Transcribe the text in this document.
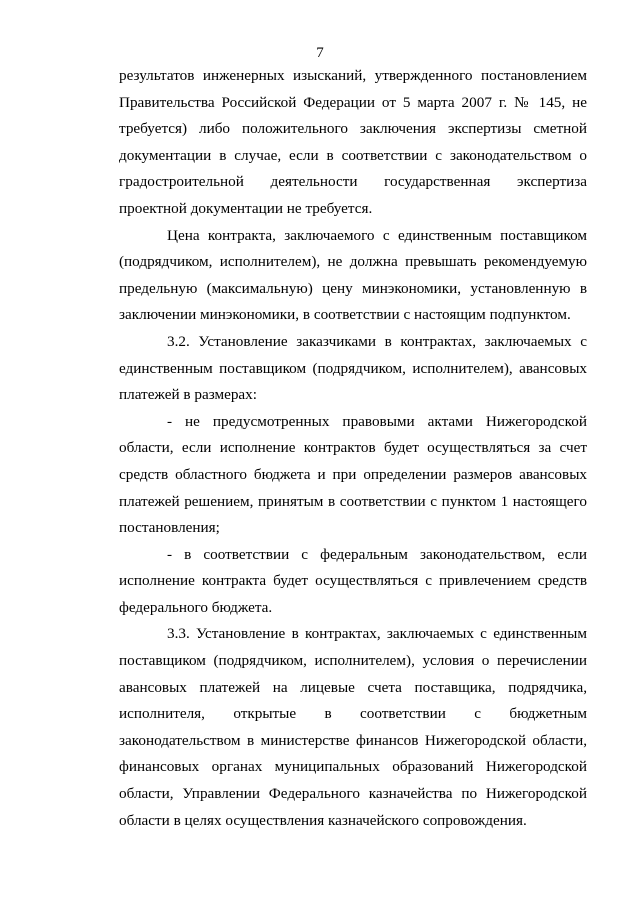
7

результатов инженерных изысканий, утвержденного постановлением Правительства Российской Федерации от 5 марта 2007 г. № 145, не требуется) либо положительного заключения экспертизы сметной документации в случае, если в соответствии с законодательством о градостроительной деятельности государственная экспертиза проектной документации не требуется.

Цена контракта, заключаемого с единственным поставщиком (подрядчиком, исполнителем), не должна превышать рекомендуемую предельную (максимальную) цену минэкономики, установленную в заключении минэкономики, в соответствии с настоящим подпунктом.

3.2. Установление заказчиками в контрактах, заключаемых с единственным поставщиком (подрядчиком, исполнителем), авансовых платежей в размерах:

- не предусмотренных правовыми актами Нижегородской области, если исполнение контрактов будет осуществляться за счет средств областного бюджета и при определении размеров авансовых платежей решением, принятым в соответствии с пунктом 1 настоящего постановления;

- в соответствии с федеральным законодательством, если исполнение контракта будет осуществляться с привлечением средств федерального бюджета.

3.3. Установление в контрактах, заключаемых с единственным поставщиком (подрядчиком, исполнителем), условия о перечислении авансовых платежей на лицевые счета поставщика, подрядчика, исполнителя, открытые в соответствии с бюджетным законодательством в министерстве финансов Нижегородской области, финансовых органах муниципальных образований Нижегородской области, Управлении Федерального казначейства по Нижегородской области в целях осуществления казначейского сопровождения.
